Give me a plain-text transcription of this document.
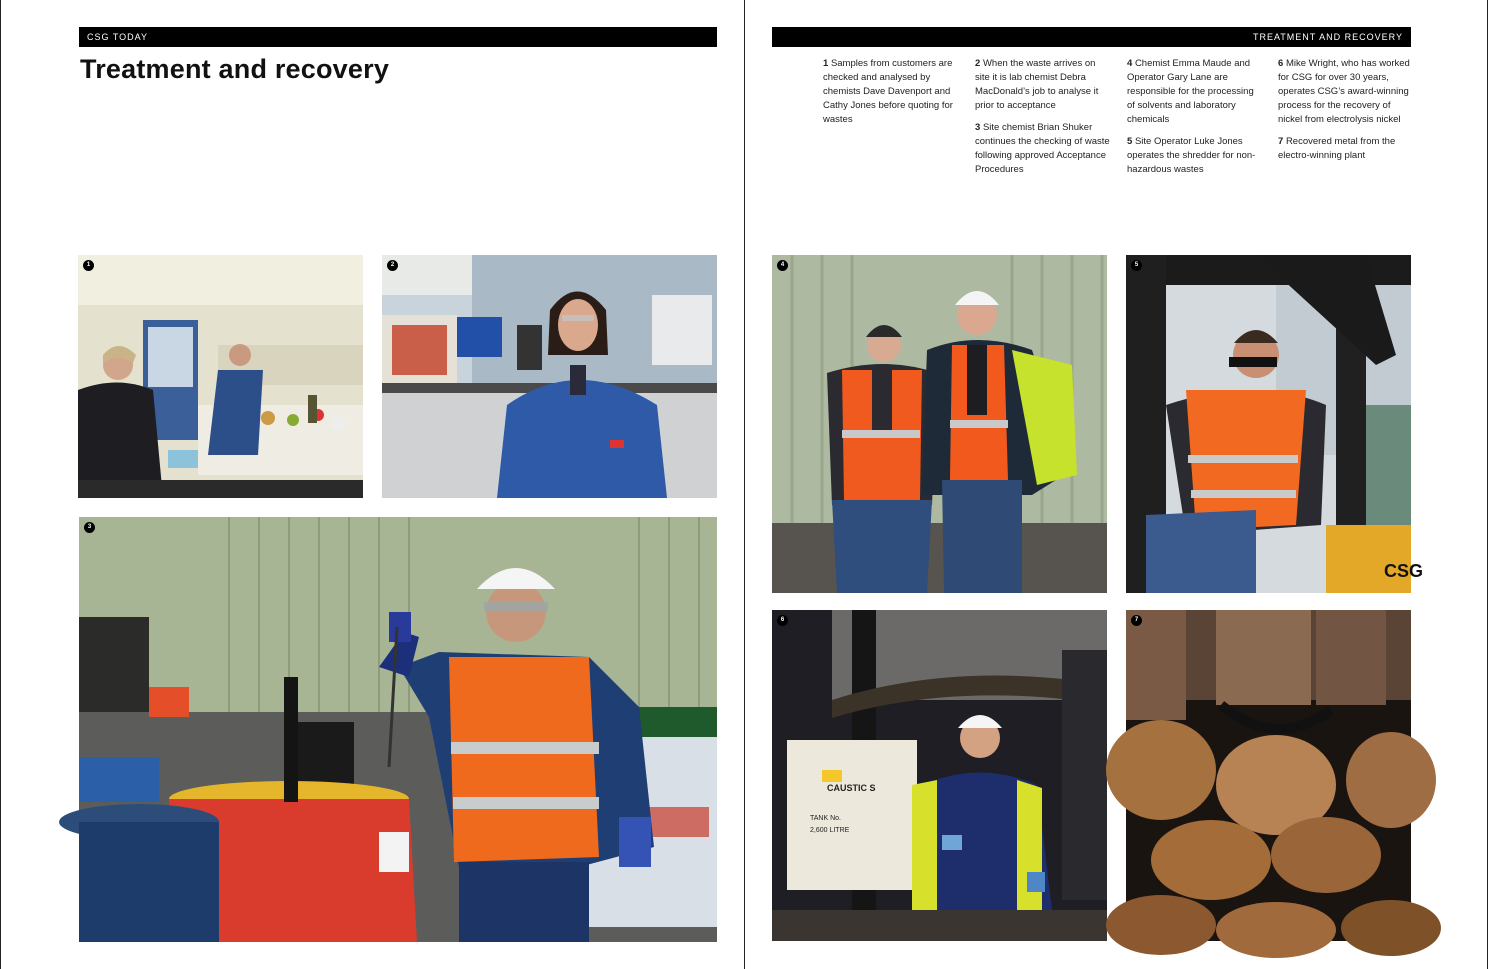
CSG TODAY	TREATMENT AND RECOVERY
Treatment and recovery	1 Samples from customers are checked and analysed by chemists Dave Davenport and Cathy Jones before quoting for wastes

2 When the waste arrives on site it is lab chemist Debra MacDonald’s job to analyse it prior to acceptance

3 Site chemist Brian Shuker continues the checking of waste following approved Acceptance Procedures

4 Chemist Emma Maude and Operator Gary Lane are responsible for the processing of solvents and laboratory chemicals

5 Site Operator Luke Jones operates the shredder for non-hazardous wastes

6 Mike Wright, who has worked for CSG for over 30 years, operates CSG’s award-winning process for the recovery of nickel from electrolysis nickel

7 Recovered metal from the electro-winning plant

1	2
3
4
CSG
5
CAUSTIC S
TANK No.
2,600 LITRE
6	7
